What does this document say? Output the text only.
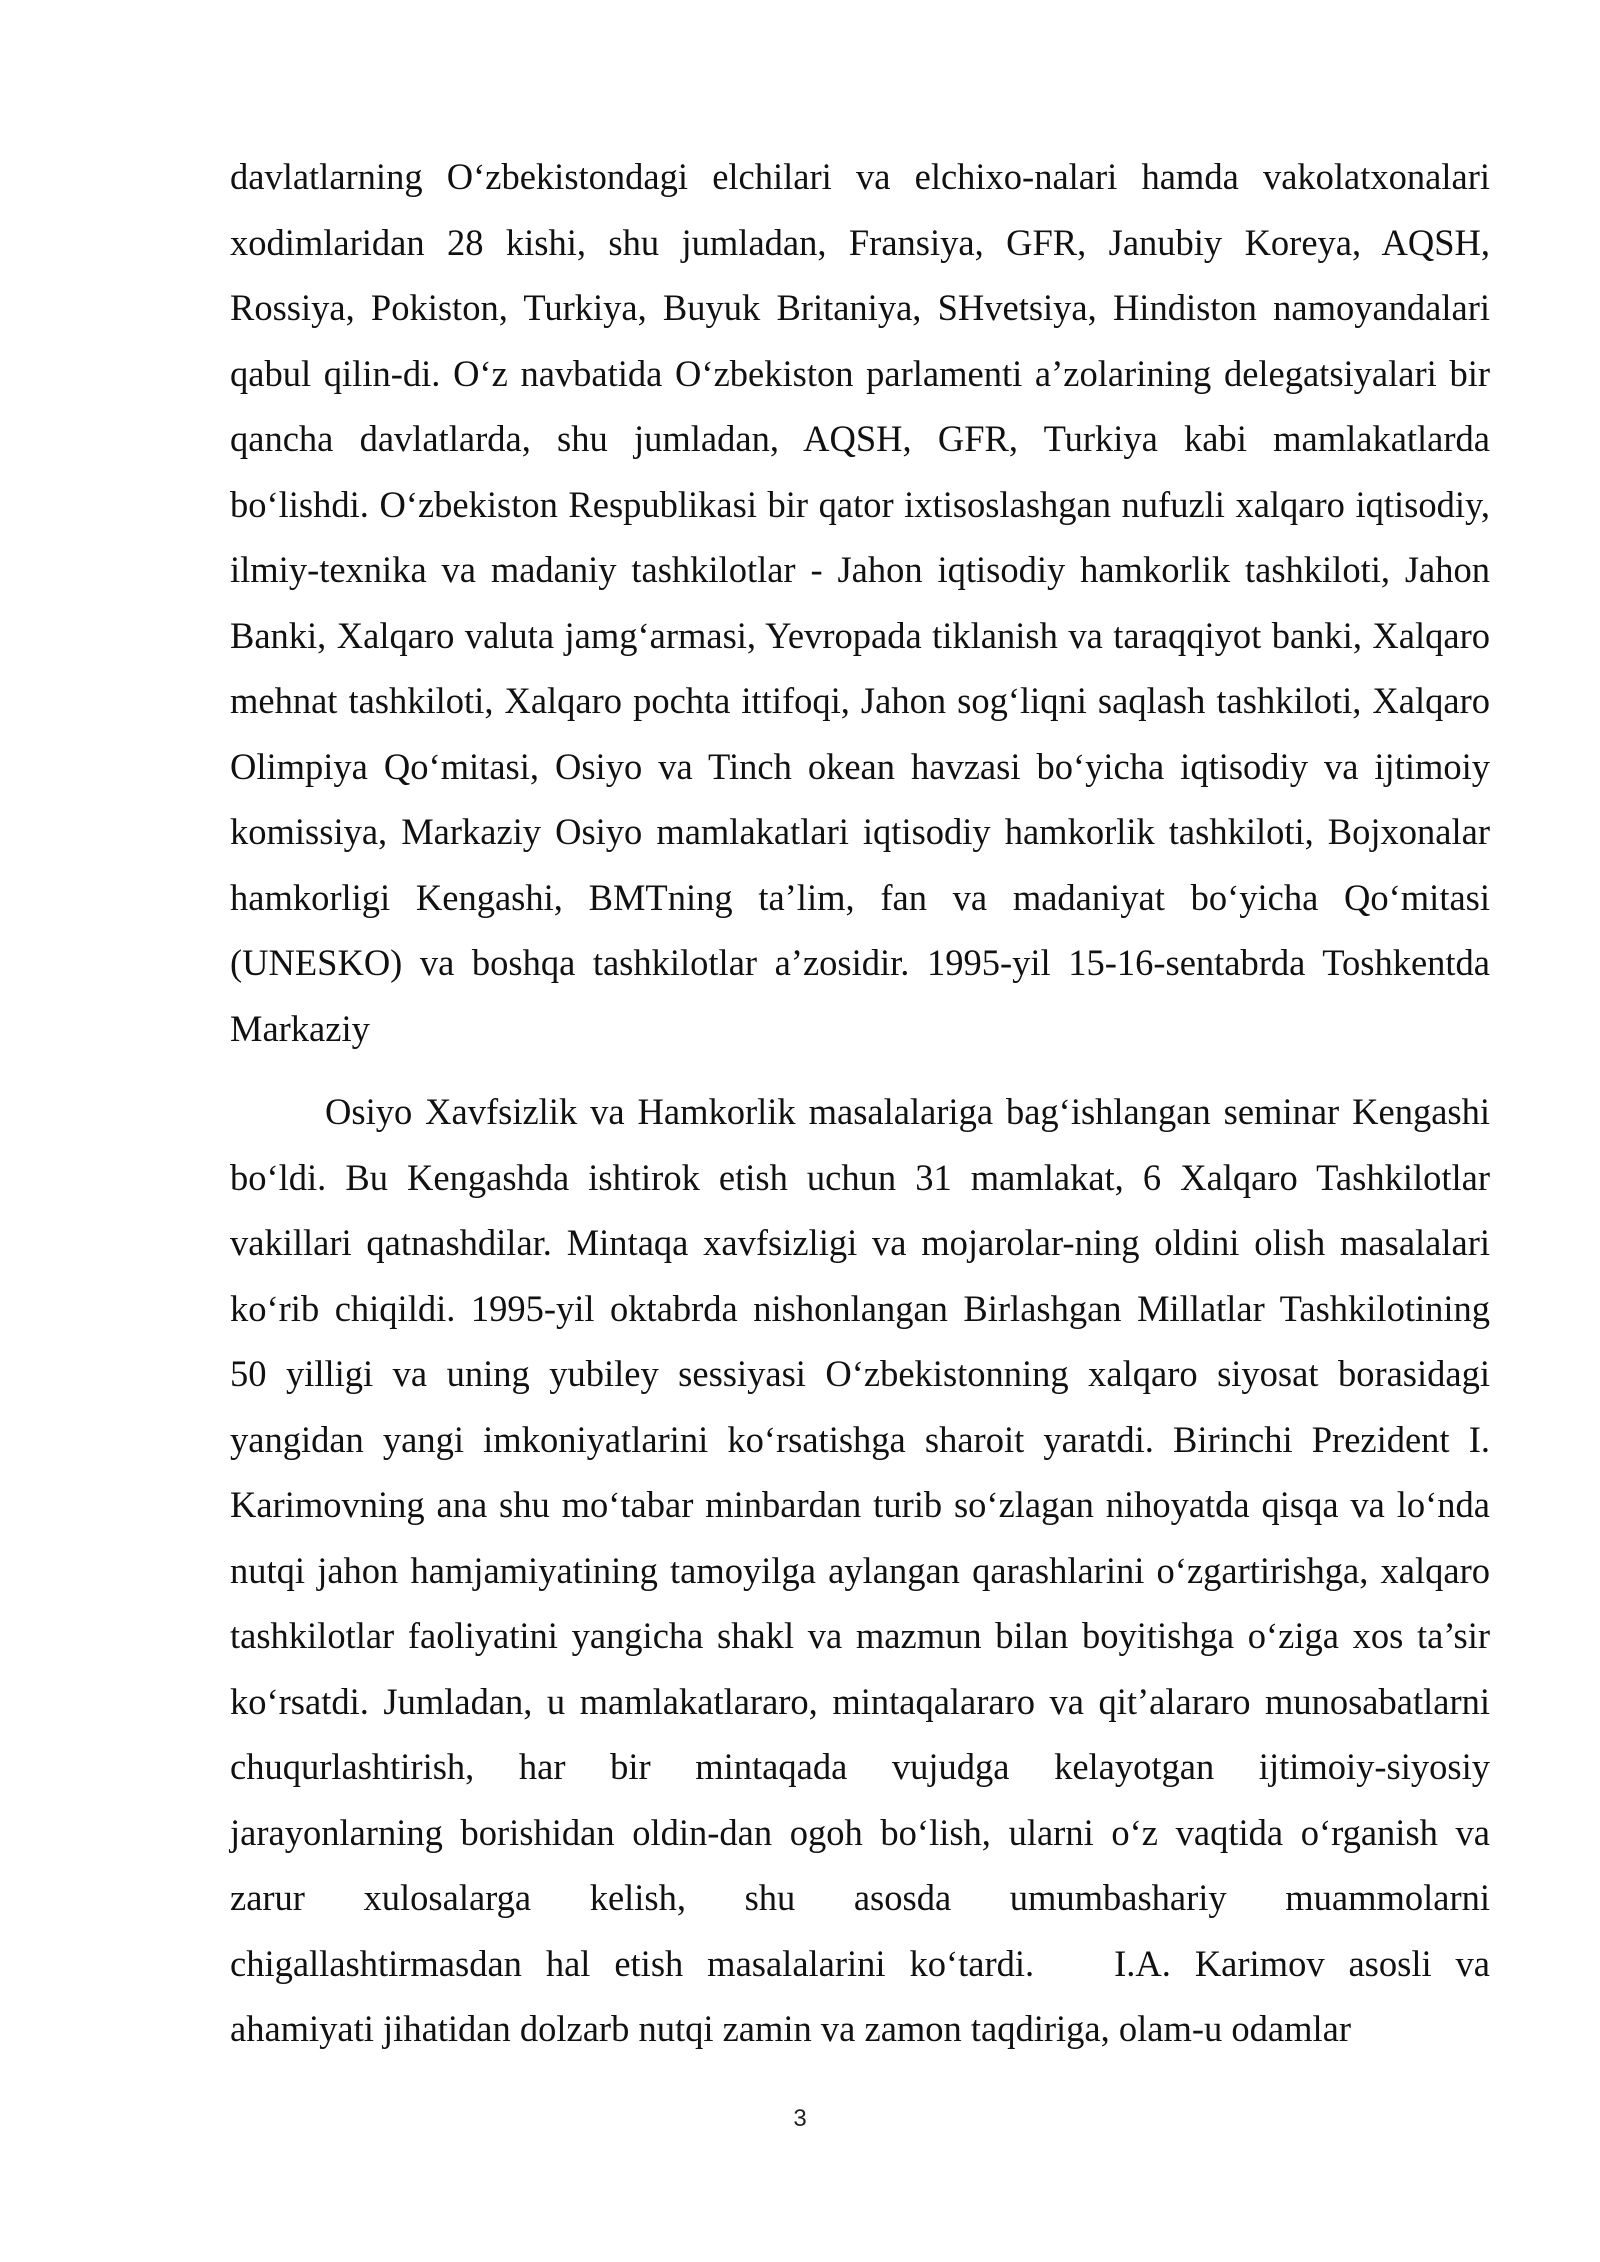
davlatlarning O‘zbekistondagi elchilari va elchixo-nalari hamda vakolatxonalari xodimlaridan 28 kishi, shu jumladan, Fransiya, GFR, Janubiy Koreya, AQSH, Rossiya, Pokiston, Turkiya, Buyuk Britaniya, SHvetsiya, Hindiston namoyandalari qabul qilin-di. O‘z navbatida O‘zbekiston parlamenti a’zolarining delegatsiyalari bir qancha davlatlarda, shu jumladan, AQSH, GFR, Turkiya kabi mamlakatlarda bo‘lishdi. O‘zbekiston Respublikasi bir qator ixtisoslashgan nufuzli xalqaro iqtisodiy, ilmiy-texnika va madaniy tashkilotlar - Jahon iqtisodiy hamkorlik tashkiloti, Jahon Banki, Xalqaro valuta jamg‘armasi, Yevropada tiklanish va taraqqiyot banki, Xalqaro mehnat tashkiloti, Xalqaro pochta ittifoqi, Jahon sog‘liqni saqlash tashkiloti, Xalqaro Olimpiya Qo‘mitasi, Osiyo va Tinch okean havzasi bo‘yicha iqtisodiy va ijtimoiy komissiya, Markaziy Osiyo mamlakatlari iqtisodiy hamkorlik tashkiloti, Bojxonalar hamkorligi Kengashi, BMTning ta’lim, fan va madaniyat bo‘yicha Qo‘mitasi (UNESKO) va boshqa tashkilotlar a’zosidir. 1995-yil 15-16-sentabrda Toshkentda Markaziy

Osiyo Xavfsizlik va Hamkorlik masalalariga bag‘ishlangan seminar Kengashi bo‘ldi. Bu Kengashda ishtirok etish uchun 31 mamlakat, 6 Xalqaro Tashkilotlar vakillari qatnashdilar. Mintaqa xavfsizligi va mojarolar-ning oldini olish masalalari ko‘rib chiqildi. 1995-yil oktabrda nishonlangan Birlashgan Millatlar Tashkilotining 50 yilligi va uning yubiley sessiyasi O‘zbekistonning xalqaro siyosat borasidagi yangidan yangi imkoniyatlarini ko‘rsatishga sharoit yaratdi. Birinchi Prezident I. Karimovning ana shu mo‘tabar minbardan turib so‘zlagan nihoyatda qisqa va lo‘nda nutqi jahon hamjamiyatining tamoyilga aylangan qarashlarini o‘zgartirishga, xalqaro tashkilotlar faoliyatini yangicha shakl va mazmun bilan boyitishga o‘ziga xos ta’sir ko‘rsatdi. Jumladan, u mamlakatlararo, mintaqalararo va qit’alararo munosabatlarni chuqurlashtirish, har bir mintaqada vujudga kelayotgan ijtimoiy-siyosiy jarayonlarning borishidan oldin-dan ogoh bo‘lish, ularni o‘z vaqtida o‘rganish va zarur xulosalarga kelish, shu asosda umumbashariy muammolarni chigallashtirmasdan hal etish masalalarini ko‘tardi. I.A. Karimov asosli va ahamiyati jihatidan dolzarb nutqi zamin va zamon taqdiriga, olam-u odamlar

3
